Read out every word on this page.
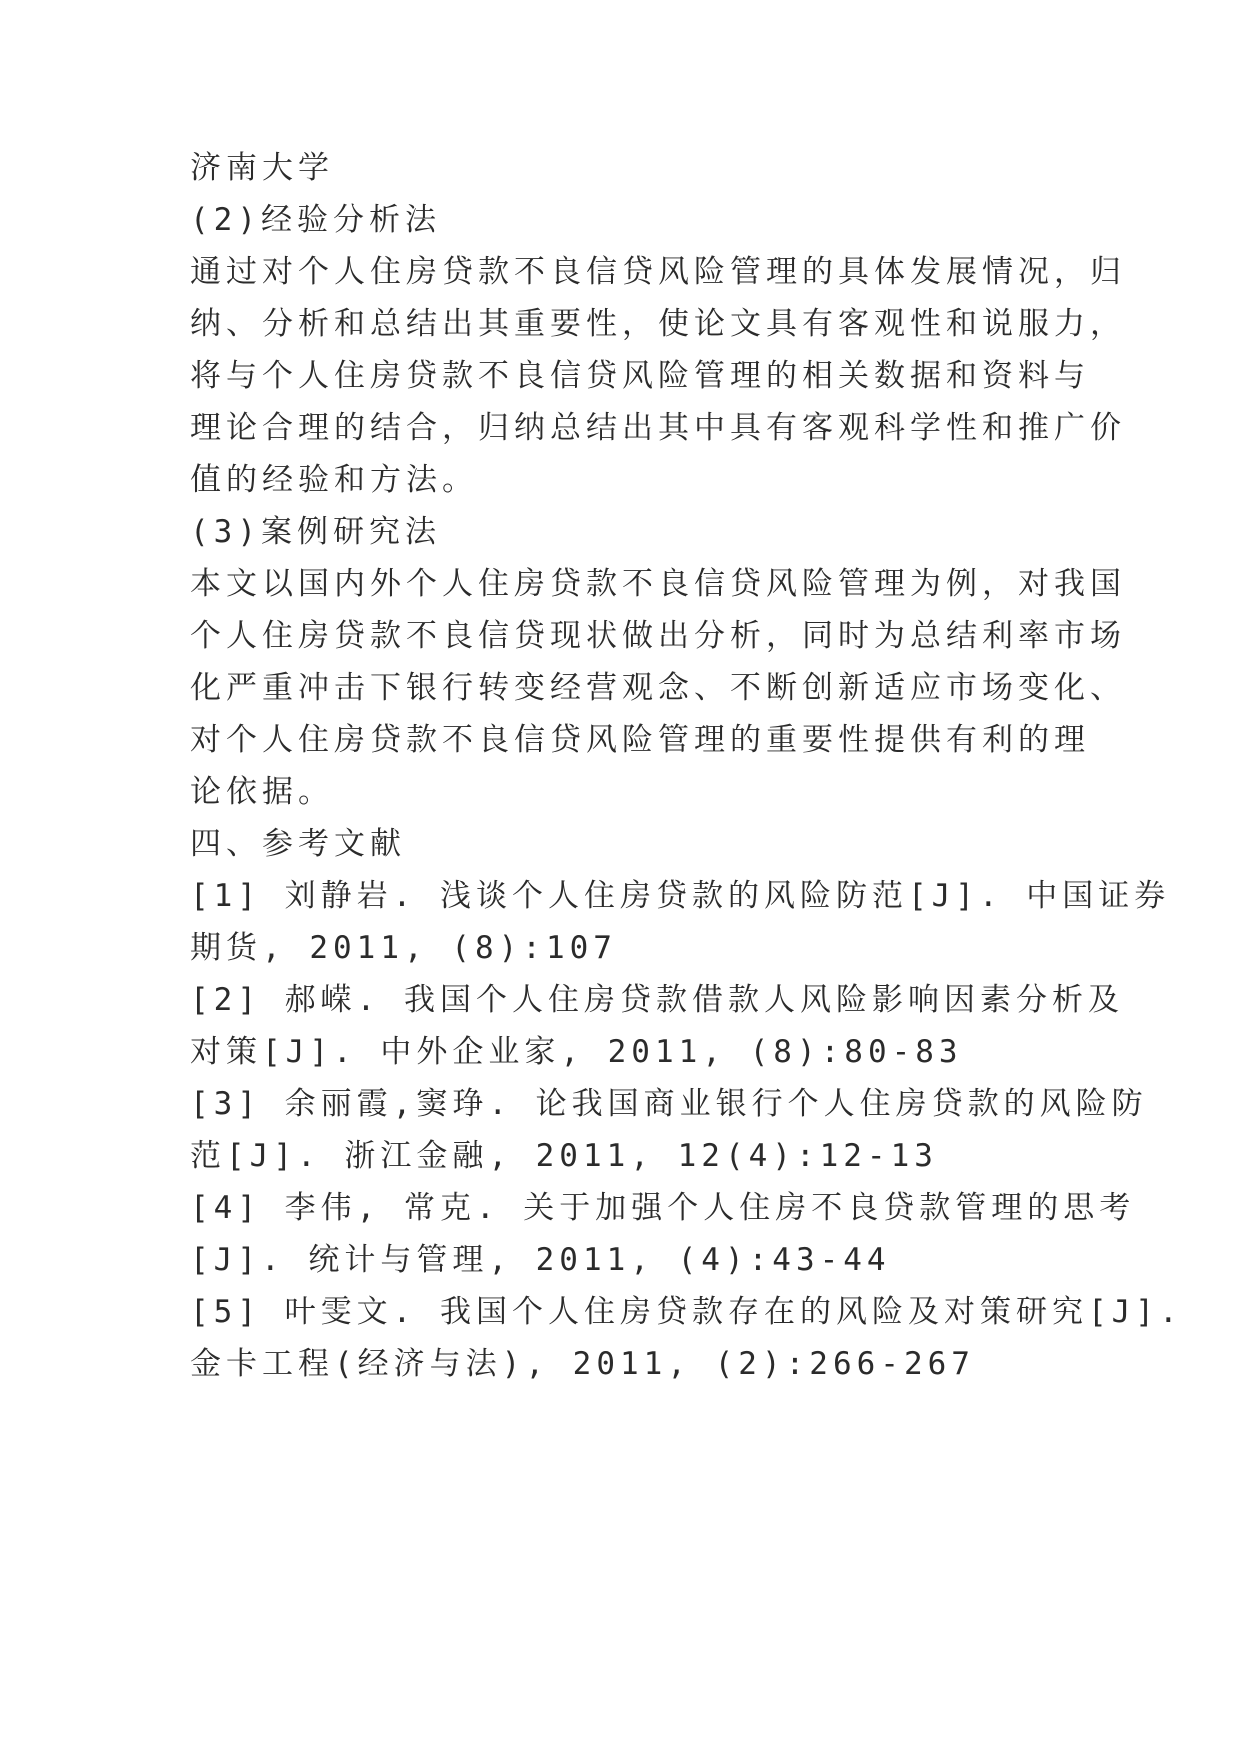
济南大学
(2)经验分析法
通过对个人住房贷款不良信贷风险管理的具体发展情况，归
纳、分析和总结出其重要性，使论文具有客观性和说服力，
将与个人住房贷款不良信贷风险管理的相关数据和资料与
理论合理的结合，归纳总结出其中具有客观科学性和推广价
值的经验和方法。
(3)案例研究法
本文以国内外个人住房贷款不良信贷风险管理为例，对我国
个人住房贷款不良信贷现状做出分析，同时为总结利率市场
化严重冲击下银行转变经营观念、不断创新适应市场变化、
对个人住房贷款不良信贷风险管理的重要性提供有利的理
论依据。
四、参考文献
[1] 刘静岩. 浅谈个人住房贷款的风险防范[J]. 中国证券
期货, 2011, (8):107
[2] 郝嵘. 我国个人住房贷款借款人风险影响因素分析及
对策[J]. 中外企业家, 2011, (8):80-83
[3] 余丽霞,窦琤. 论我国商业银行个人住房贷款的风险防
范[J]. 浙江金融, 2011, 12(4):12-13
[4] 李伟, 常克. 关于加强个人住房不良贷款管理的思考
[J]. 统计与管理, 2011, (4):43-44
[5] 叶雯文. 我国个人住房贷款存在的风险及对策研究[J].
金卡工程(经济与法), 2011, (2):266-267
